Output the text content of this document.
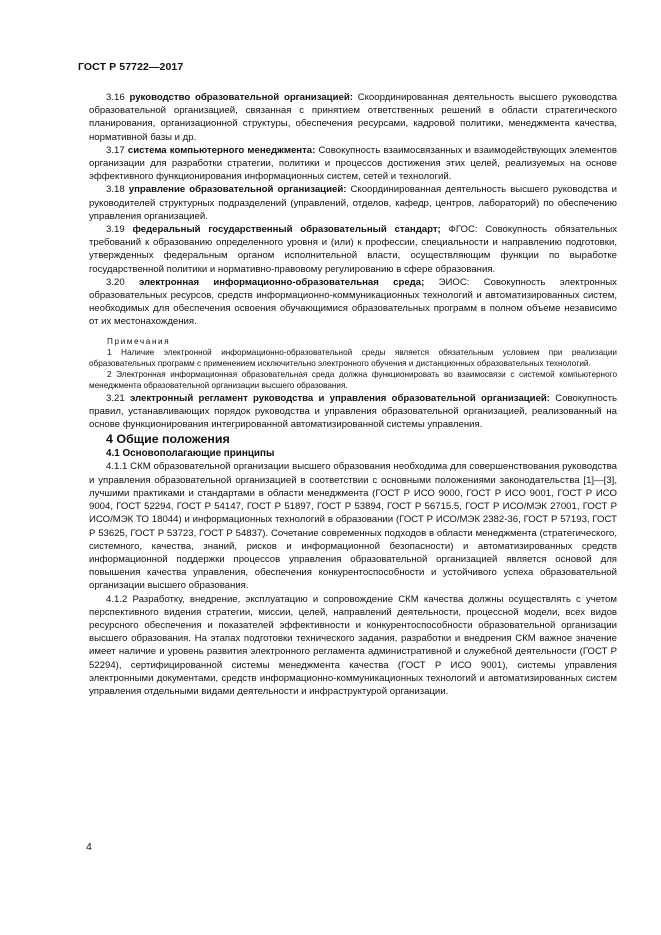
ГОСТ Р 57722—2017

3.16 руководство образовательной организацией: Скоординированная деятельность высшего руководства образовательной организацией, связанная с принятием ответственных решений в области стратегического планирования, организационной структуры, обеспечения ресурсами, кадровой политики, менеджмента качества, нормативной базы и др.

3.17 система компьютерного менеджмента: Совокупность взаимосвязанных и взаимодействующих элементов организации для разработки стратегии, политики и процессов достижения этих целей, реализуемых на основе эффективного функционирования информационных систем, сетей и технологий.

3.18 управление образовательной организацией: Скоординированная деятельность высшего руководства и руководителей структурных подразделений (управлений, отделов, кафедр, центров, лабораторий) по обеспечению управления организацией.

3.19 федеральный государственный образовательный стандарт; ФГОС: Совокупность обязательных требований к образованию определенного уровня и (или) к профессии, специальности и направлению подготовки, утвержденных федеральным органом исполнительной власти, осуществляющим функции по выработке государственной политики и нормативно-правовому регулированию в сфере образования.

3.20 электронная информационно-образовательная среда; ЭИОС: Совокупность электронных образовательных ресурсов, средств информационно-коммуникационных технологий и автоматизированных систем, необходимых для обеспечения освоения обучающимися образовательных программ в полном объеме независимо от их местонахождения.

Примечания

1 Наличие электронной информационно-образовательной среды является обязательным условием при реализации образовательных программ с применением исключительно электронного обучения и дистанционных образовательных технологий.

2 Электронная информационная образовательная среда должна функционировать во взаимосвязи с системой компьютерного менеджмента образовательной организации высшего образования.

3.21 электронный регламент руководства и управления образовательной организацией: Совокупность правил, устанавливающих порядок руководства и управления образовательной организацией, реализованный на основе функционирования интегрированной автоматизированной системы управления.

4 Общие положения

4.1 Основополагающие принципы

4.1.1 СКМ образовательной организации высшего образования необходима для совершенствования руководства и управления образовательной организацией в соответствии с основными положениями законодательства [1]—[3], лучшими практиками и стандартами в области менеджмента (ГОСТ Р ИСО 9000, ГОСТ Р ИСО 9001, ГОСТ Р ИСО 9004, ГОСТ 52294, ГОСТ Р 54147, ГОСТ Р 51897, ГОСТ Р 53894, ГОСТ Р 56715.5, ГОСТ Р ИСО/МЭК 27001, ГОСТ Р ИСО/МЭК ТО 18044) и информационных технологий в образовании (ГОСТ Р ИСО/МЭК 2382-36, ГОСТ Р 57193, ГОСТ Р 53625, ГОСТ Р 53723, ГОСТ Р 54837). Сочетание современных подходов в области менеджмента (стратегического, системного, качества, знаний, рисков и информационной безопасности) и автоматизированных средств информационной поддержки процессов управления образовательной организацией является основой для повышения качества управления, обеспечения конкурентоспособности и устойчивого успеха образовательной организации высшего образования.

4.1.2 Разработку, внедрение, эксплуатацию и сопровождение СКМ качества должны осуществлять с учетом перспективного видения стратегии, миссии, целей, направлений деятельности, процессной модели, всех видов ресурсного обеспечения и показателей эффективности и конкурентоспособности образовательной организации высшего образования. На этапах подготовки технического задания, разработки и внедрения СКМ важное значение имеет наличие и уровень развития электронного регламента административной и служебной деятельности (ГОСТ Р 52294), сертифицированной системы менеджмента качества (ГОСТ Р ИСО 9001), системы управления электронными документами, средств информационно-коммуникационных технологий и автоматизированных систем управления отдельными видами деятельности и инфраструктурой организации.

4
